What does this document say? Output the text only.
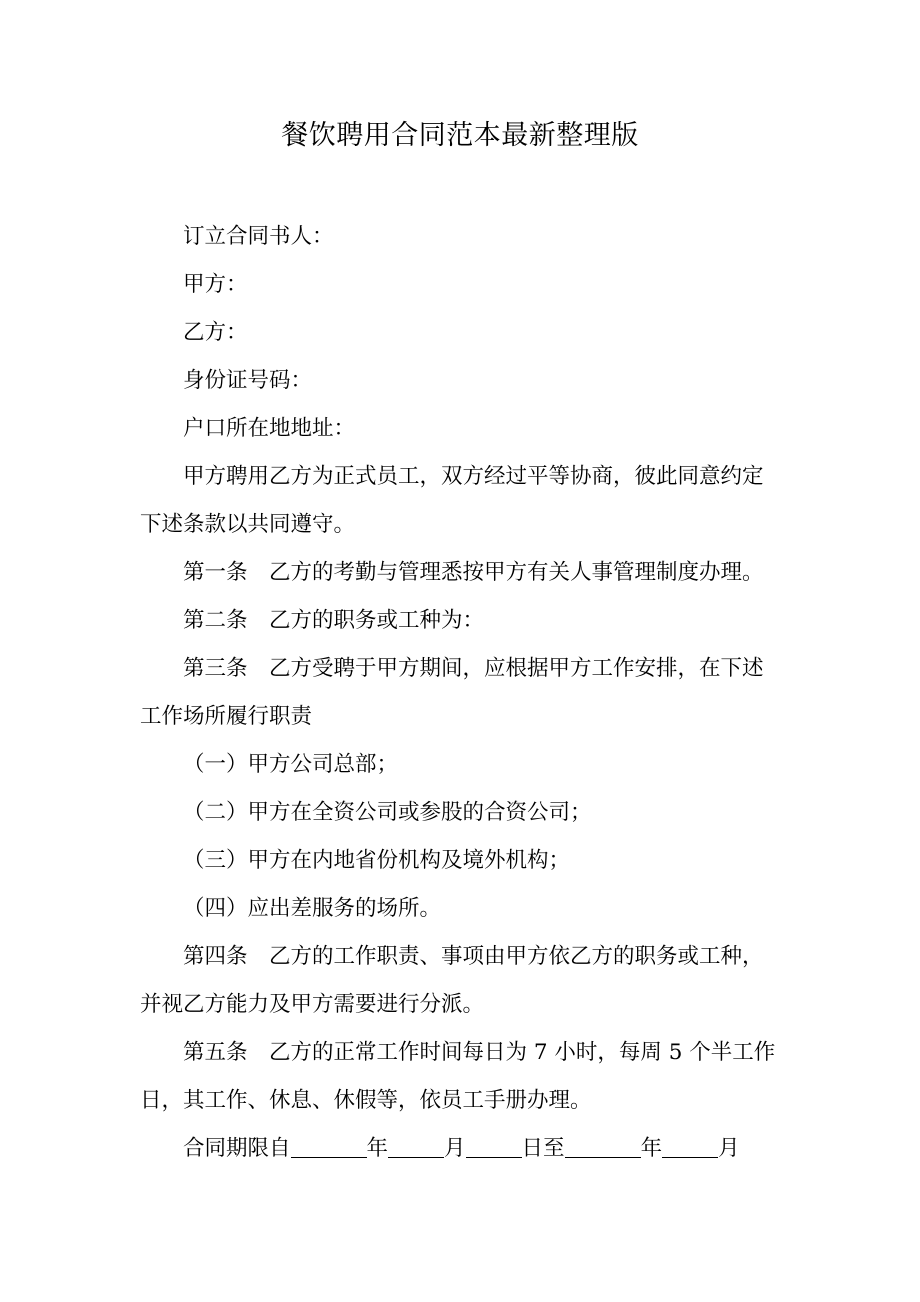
餐饮聘用合同范本最新整理版

订立合同书人：

甲方：

乙方：

身份证号码：

户口所在地地址：

甲方聘用乙方为正式员工，双方经过平等协商，彼此同意约定

下述条款以共同遵守。

第一条 乙方的考勤与管理悉按甲方有关人事管理制度办理。

第二条 乙方的职务或工种为：

第三条 乙方受聘于甲方期间，应根据甲方工作安排，在下述

工作场所履行职责

（一）甲方公司总部；

（二）甲方在全资公司或参股的合资公司；

（三）甲方在内地省份机构及境外机构；

（四）应出差服务的场所。

第四条 乙方的工作职责、事项由甲方依乙方的职务或工种，

并视乙方能力及甲方需要进行分派。

第五条 乙方的正常工作时间每日为 7 小时，每周 5 个半工作

日，其工作、休息、休假等，依员工手册办理。

合同期限自	年	月	日至	年	月
